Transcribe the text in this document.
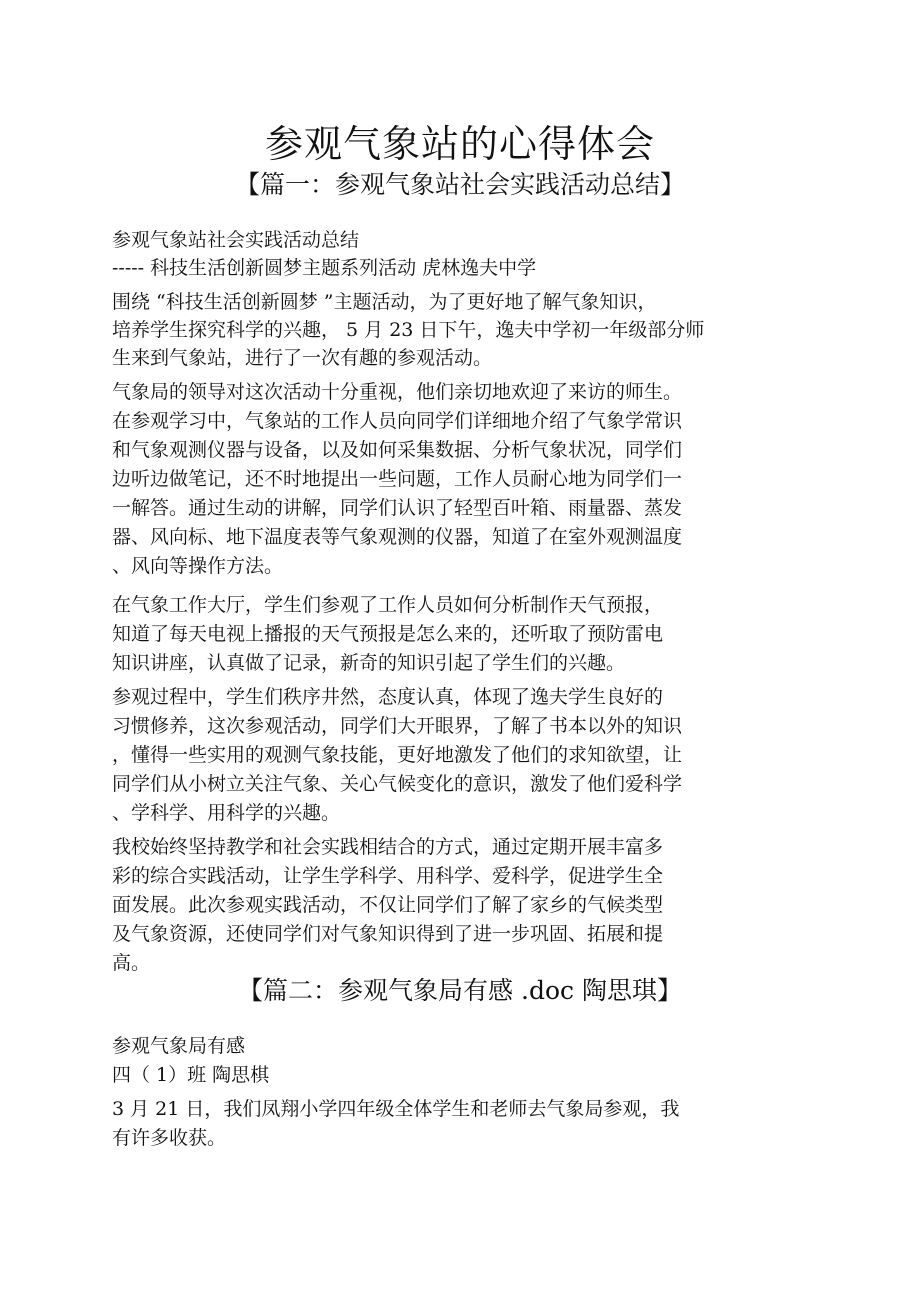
参观气象站的心得体会
【篇一：参观气象站社会实践活动总结】
参观气象站社会实践活动总结
----- 科技生活创新圆梦主题系列活动 虎林逸夫中学
围绕 “科技生活创新圆梦 ”主题活动，为了更好地了解气象知识，
培养学生探究科学的兴趣， 5 月 23 日下午，逸夫中学初一年级部分师
生来到气象站，进行了一次有趣的参观活动。
气象局的领导对这次活动十分重视，他们亲切地欢迎了来访的师生。
在参观学习中，气象站的工作人员向同学们详细地介绍了气象学常识
和气象观测仪器与设备，以及如何采集数据、分析气象状况，同学们
边听边做笔记，还不时地提出一些问题，工作人员耐心地为同学们一
一解答。通过生动的讲解，同学们认识了轻型百叶箱、雨量器、蒸发
器、风向标、地下温度表等气象观测的仪器，知道了在室外观测温度
、风向等操作方法。
在气象工作大厅，学生们参观了工作人员如何分析制作天气预报，
知道了每天电视上播报的天气预报是怎么来的，还听取了预防雷电
知识讲座，认真做了记录，新奇的知识引起了学生们的兴趣。
参观过程中，学生们秩序井然，态度认真，体现了逸夫学生良好的
习惯修养，这次参观活动，同学们大开眼界，了解了书本以外的知识
，懂得一些实用的观测气象技能，更好地激发了他们的求知欲望，让
同学们从小树立关注气象、关心气候变化的意识，激发了他们爱科学
、学科学、用科学的兴趣。
我校始终坚持教学和社会实践相结合的方式，通过定期开展丰富多
彩的综合实践活动，让学生学科学、用科学、爱科学，促进学生全
面发展。此次参观实践活动，不仅让同学们了解了家乡的气候类型
及气象资源，还使同学们对气象知识得到了进一步巩固、拓展和提
高。
【篇二：参观气象局有感 .doc 陶思琪】
参观气象局有感
四（ 1）班 陶思棋
3 月 21 日，我们凤翔小学四年级全体学生和老师去气象局参观，我
有许多收获。
